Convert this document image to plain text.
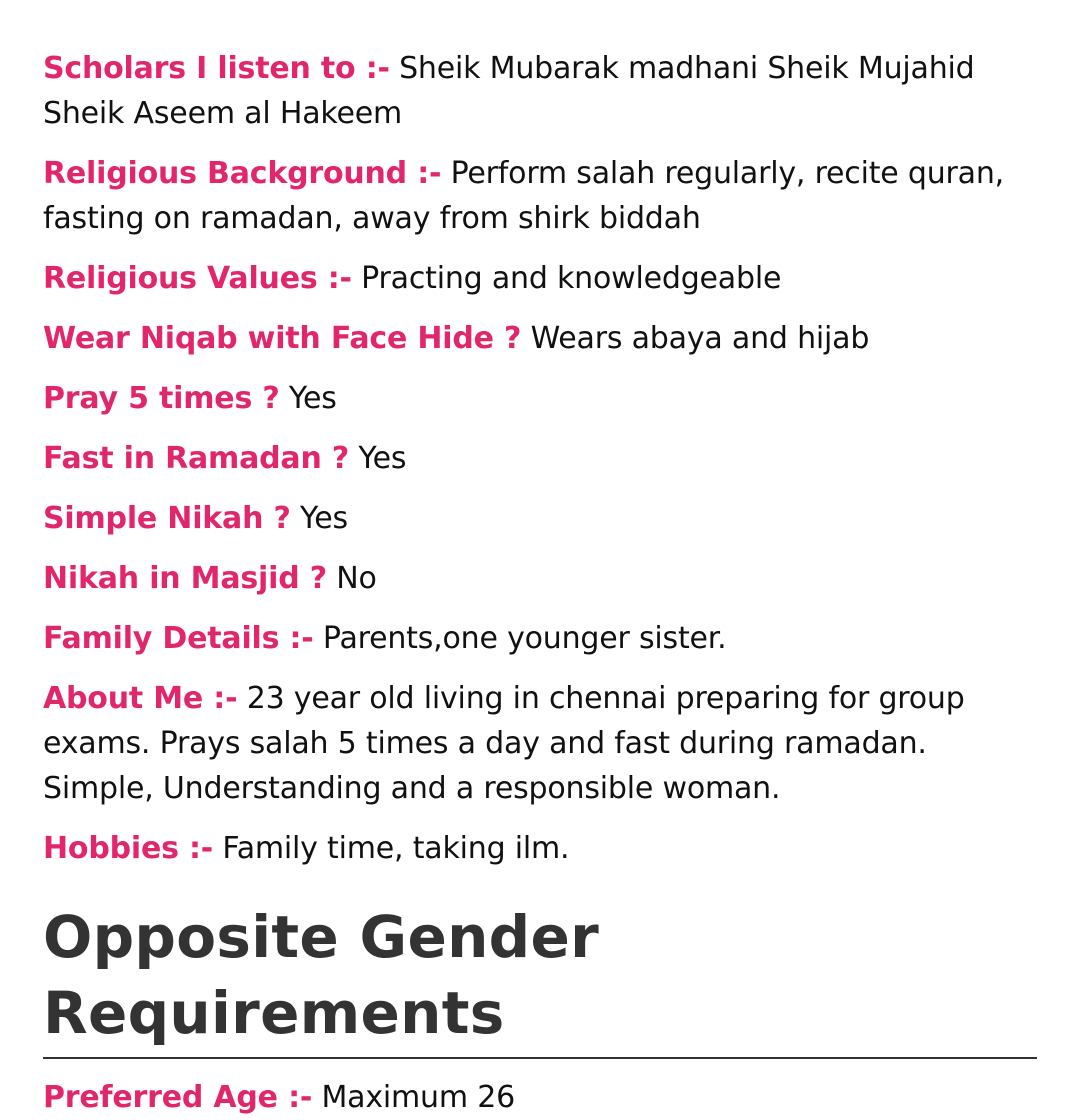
Scholars I listen to :- Sheik Mubarak madhani Sheik Mujahid Sheik Aseem al Hakeem

Religious Background :- Perform salah regularly, recite quran, fasting on ramadan, away from shirk biddah

Religious Values :- Practing and knowledgeable

Wear Niqab with Face Hide ? Wears abaya and hijab

Pray 5 times ? Yes

Fast in Ramadan ? Yes

Simple Nikah ? Yes

Nikah in Masjid ? No

Family Details :- Parents,one younger sister.

About Me :- 23 year old living in chennai preparing for group exams. Prays salah 5 times a day and fast during ramadan. Simple, Understanding and a responsible woman.

Hobbies :- Family time, taking ilm.

Opposite Gender Requirements

Preferred Age :- Maximum 26
